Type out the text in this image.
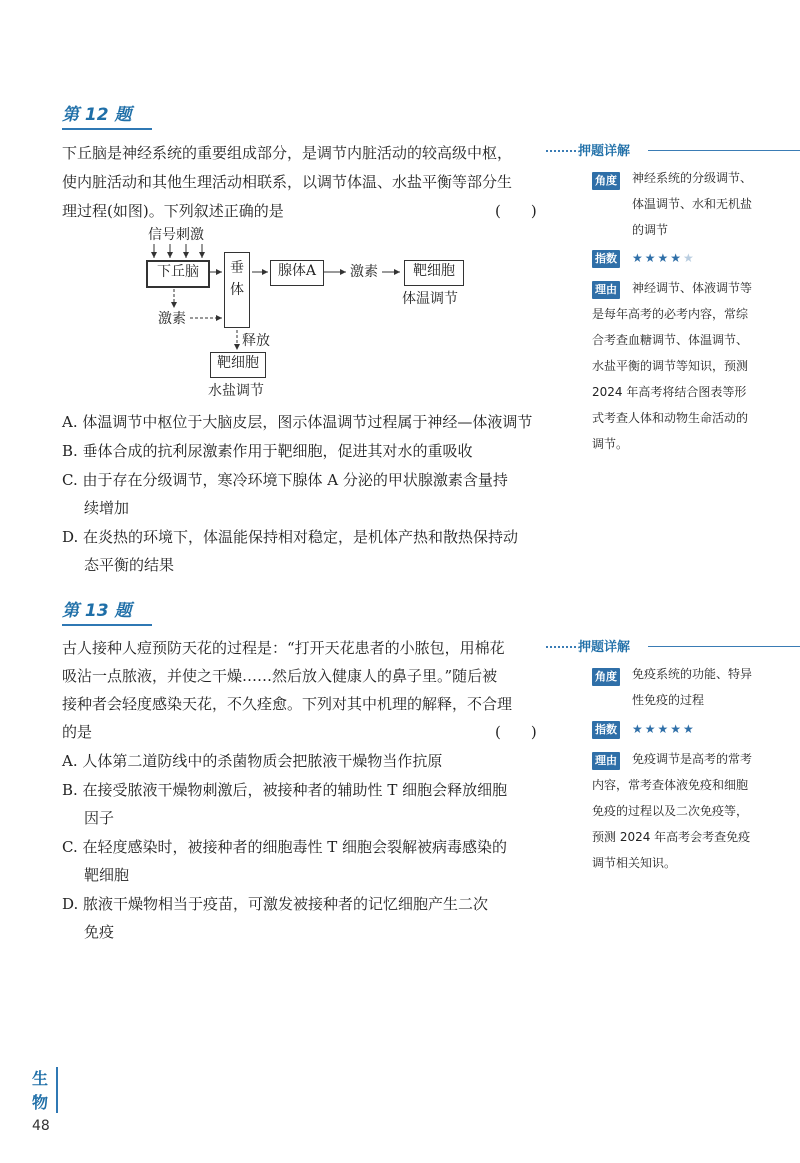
第 12 题
下丘脑是神经系统的重要组成部分，是调节内脏活动的较高级中枢，
使内脏活动和其他生理活动相联系，以调节体温、水盐平衡等部分生
理过程(如图)。下列叙述正确的是	(　　)
信号刺激
下丘脑	垂体
腺体A	激素	靶细胞
体温调节
激素
释放
靶细胞
水盐调节
A. 体温调节中枢位于大脑皮层，图示体温调节过程属于神经—体液调节
B. 垂体合成的抗利尿激素作用于靶细胞，促进其对水的重吸收
C. 由于存在分级调节，寒冷环境下腺体 A 分泌的甲状腺激素含量持
续增加
D. 在炎热的环境下，体温能保持相对稳定，是机体产热和散热保持动
态平衡的结果
押题详解
角度 神经系统的分级调节、
体温调节、水和无机盐
的调节
指数 ★★★★★
理由 神经调节、体液调节等
是每年高考的必考内容，常综
合考查血糖调节、体温调节、
水盐平衡的调节等知识，预测
2024 年高考将结合图表等形
式考查人体和动物生命活动的
调节。
第 13 题
古人接种人痘预防天花的过程是：“打开天花患者的小脓包，用棉花
吸沾一点脓液，并使之干燥……然后放入健康人的鼻子里。”随后被
接种者会轻度感染天花，不久痊愈。下列对其中机理的解释，不合理
的是	(　　)
A. 人体第二道防线中的杀菌物质会把脓液干燥物当作抗原
B. 在接受脓液干燥物刺激后，被接种者的辅助性 T 细胞会释放细胞
因子
C. 在轻度感染时，被接种者的细胞毒性 T 细胞会裂解被病毒感染的
靶细胞
D. 脓液干燥物相当于疫苗，可激发被接种者的记忆细胞产生二次
免疫
押题详解
角度 免疫系统的功能、特异
性免疫的过程
指数 ★★★★★
理由 免疫调节是高考的常考
内容，常考查体液免疫和细胞
免疫的过程以及二次免疫等，
预测 2024 年高考会考查免疫
调节相关知识。
生
物
48
